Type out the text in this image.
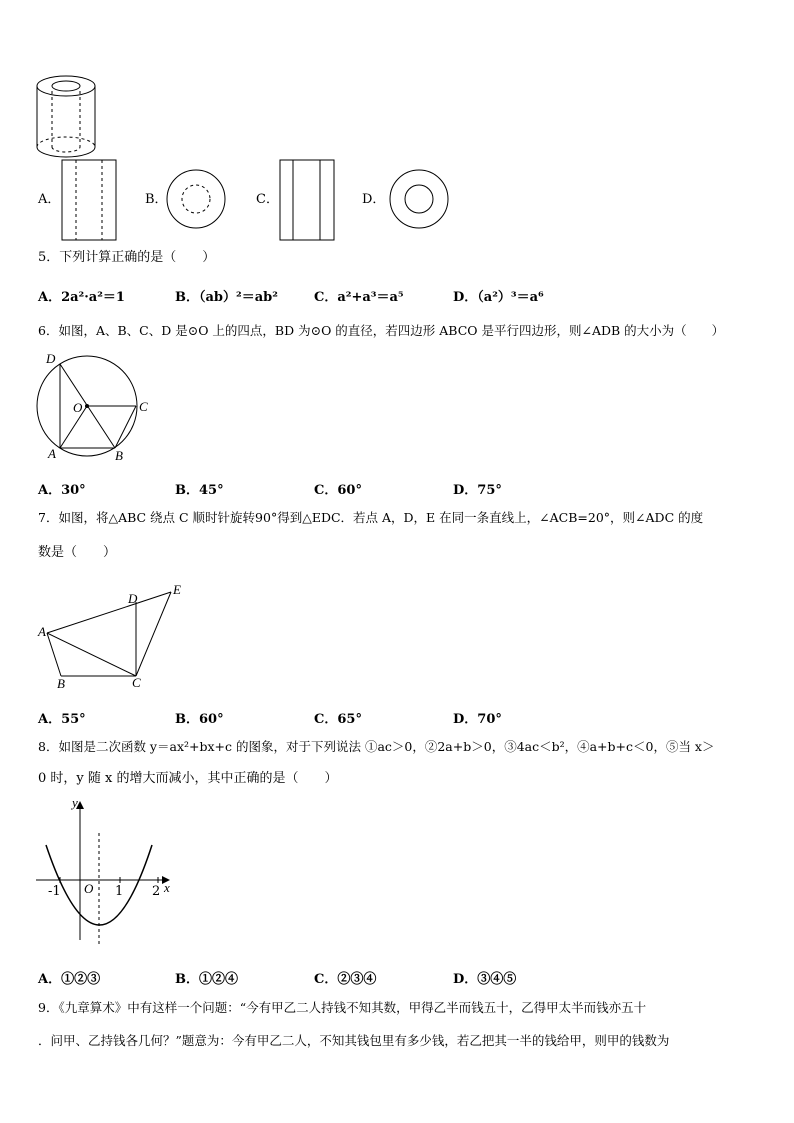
A．	B．	C．	D．
5．下列计算正确的是（　　）
A．2a²·a²＝1	B．（ab）²＝ab²	C．a²+a³＝a⁵	D．（a²）³＝a⁶
6．如图，A、B、C、D 是⊙O 上的四点，BD 为⊙O 的直径，若四边形 ABCO 是平行四边形，则∠ADB 的大小为（　　）
D
O	C
A	B
A．30°	B．45°	C．60°	D．75°
7．如图，将△ABC 绕点 C 顺时针旋转90°得到△EDC．若点 A，D，E 在同一条直线上，∠ACB=20°，则∠ADC 的度
数是（　　）
D
E
A
B	C
A．55°	B．60°	C．65°	D．70°
8．如图是二次函数 y＝ax²+bx+c 的图象，对于下列说法 ①ac＞0，②2a+b＞0，③4ac＜b²，④a+b+c＜0，⑤当 x＞
0 时，y 随 x 的增大而减小，其中正确的是（　　）
y
x
O
-1	1 2
A．①②③	B．①②④	C．②③④	D．③④⑤
9．《九章算术》中有这样一个问题：“今有甲乙二人持钱不知其数，甲得乙半而钱五十，乙得甲太半而钱亦五十
．问甲、乙持钱各几何？”题意为：今有甲乙二人，不知其钱包里有多少钱，若乙把其一半的钱给甲，则甲的钱数为
